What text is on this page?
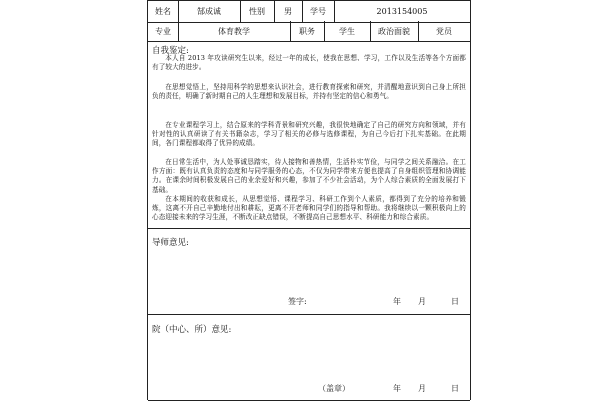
姓名	郜成诚	性别	男	学号	2013154005
专业	体育教学	职务	学生	政治面貌	党员
自我鉴定:
本人自 2013 年攻读研究生以来，经过一年的成长，使我在思想、学习，工作以及生活等各个方面都有了较大的进步。
在思想觉悟上，坚持用科学的思想来认识社会，进行教育探索和研究，并清醒地意识到自己身上所担负的责任，明确了新时期自己的人生理想和发展目标，并持有坚定的信心和勇气。
在专业课程学习上，结合原来的学科背景和研究兴趣，我很快地确定了自己的研究方向和领域，并有针对性的认真研读了有关书籍杂志，学习了相关的必修与选修课程，为自己今后打下扎实基础。在此期间，各门课程都取得了优异的成绩。
在日常生活中，为人处事诚恳踏实，待人接物和善热情，生活朴实节俭，与同学之间关系融洽。在工作方面：既有认真负责的态度和与同学服务的心态，不仅为同学带来方便也提高了自身组织管理和协调能力。在课余时间积极发展自己的业余爱好和兴趣，参加了不少社会活动，为个人综合素质的全面发展打下基础。
在本期间的收获和成长，从思想觉悟、课程学习、科研工作到个人素质，都得到了充分的培养和锻炼，这离不开自己辛勤地付出和耕耘，更离不开老师和同学们的指导和帮助。我将继续以一颗积极向上的心态迎接未来的学习生涯，不断改正缺点错误，不断提高自己思想水平、科研能力和综合素质。
导师意见:
签字:	年 月	日
院（中心、所）意见:
（盖章）	年 月	日
